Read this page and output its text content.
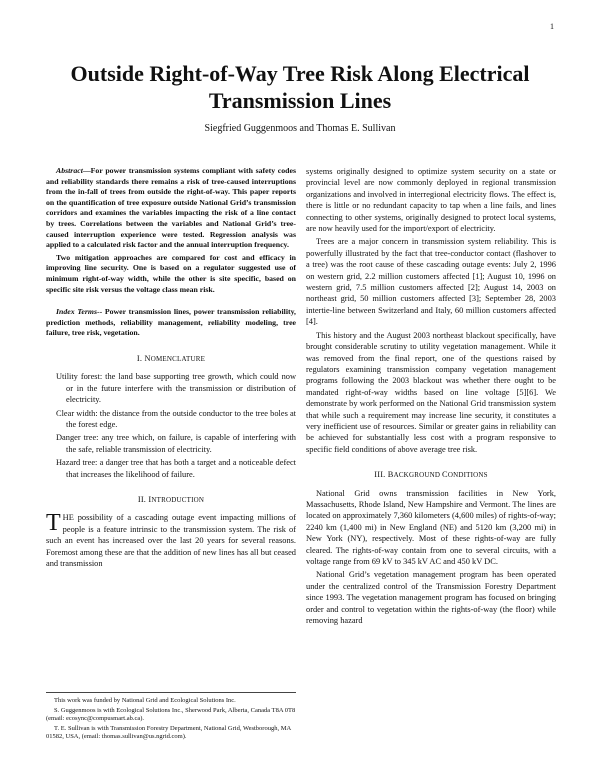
1
Outside Right-of-Way Tree Risk Along Electrical Transmission Lines
Siegfried Guggenmoos and Thomas E. Sullivan

Abstract—For power transmission systems compliant with safety codes and reliability standards there remains a risk of tree-caused interruptions from the in-fall of trees from outside the right-of-way. This paper reports on the quantification of tree exposure outside National Grid’s transmission corridors and examines the variables impacting the risk of a line contact by trees. Correlations between the variables and National Grid’s tree-caused interruption experience were tested. Regression analysis was applied to a calculated risk factor and the annual interruption frequency.

Two mitigation approaches are compared for cost and efficacy in improving line security. One is based on a regulator suggested use of minimum right-of-way width, while the other is site specific, based on specific site risk versus the voltage class mean risk.

Index Terms-- Power transmission lines, power transmission reliability, prediction methods, reliability management, reliability modeling, tree failure, tree risk, vegetation.

I. NOMENCLATURE

Utility forest: the land base supporting tree growth, which could now or in the future interfere with the transmission or distribution of electricity.

Clear width: the distance from the outside conductor to the tree boles at the forest edge.

Danger tree: any tree which, on failure, is capable of interfering with the safe, reliable transmission of electricity.

Hazard tree: a danger tree that has both a target and a noticeable defect that increases the likelihood of failure.

II. INTRODUCTION

THE possibility of a cascading outage event impacting millions of people is a feature intrinsic to the transmission system. The risk of such an event has increased over the last 20 years for several reasons. Foremost among these are that the addition of new lines has all but ceased and transmission

systems originally designed to optimize system security on a state or provincial level are now commonly deployed in regional transmission organizations and involved in interregional electricity flows. The effect is, there is little or no redundant capacity to tap when a line fails, and lines connecting to other systems, originally designed to protect local systems, are now heavily used for the import/export of electricity.

Trees are a major concern in transmission system reliability. This is powerfully illustrated by the fact that tree-conductor contact (flashover to a tree) was the root cause of these cascading outage events: July 2, 1996 on western grid, 2.2 million customers affected [1]; August 10, 1996 on western grid, 7.5 million customers affected [2]; August 14, 2003 on northeast grid, 50 million customers affected [3]; September 28, 2003 intertie-line between Switzerland and Italy, 60 million customers affected [4].

This history and the August 2003 northeast blackout specifically, have brought considerable scrutiny to utility vegetation management. While it was removed from the final report, one of the questions raised by regulators examining transmission company vegetation management programs following the 2003 blackout was whether there ought to be mandated right-of-way widths based on line voltage [5][6]. We demonstrate by work performed on the National Grid transmission system that while such a requirement may increase line security, it constitutes a very inefficient use of resources. Similar or greater gains in reliability can be achieved for substantially less cost with a program responsive to specific field conditions of above average tree risk.

III. BACKGROUND CONDITIONS

National Grid owns transmission facilities in New York, Massachusetts, Rhode Island, New Hampshire and Vermont. The lines are located on approximately 7,360 kilometers (4,600 miles) of rights-of-way; 2240 km (1,400 mi) in New England (NE) and 5120 km (3,200 mi) in New York (NY), respectively. Most of these rights-of-way are fully cleared. The rights-of-way contain from one to several circuits, with a voltage range from 69 kV to 345 kV AC and 450 kV DC.

National Grid’s vegetation management program has been operated under the centralized control of the Transmission Forestry Department since 1993. The vegetation management program has focused on bringing order and control to vegetation within the rights-of-way (the floor) while removing hazard

This work was funded by National Grid and Ecological Solutions Inc.

S. Guggenmoos is with Ecological Solutions Inc., Sherwood Park, Alberta, Canada T8A 0T8 (email: ecosync@compusmart.ab.ca).

T. E. Sullivan is with Transmission Forestry Department, National Grid, Westborough, MA 01582, USA, (email: thomas.sullivan@us.ngrid.com).
